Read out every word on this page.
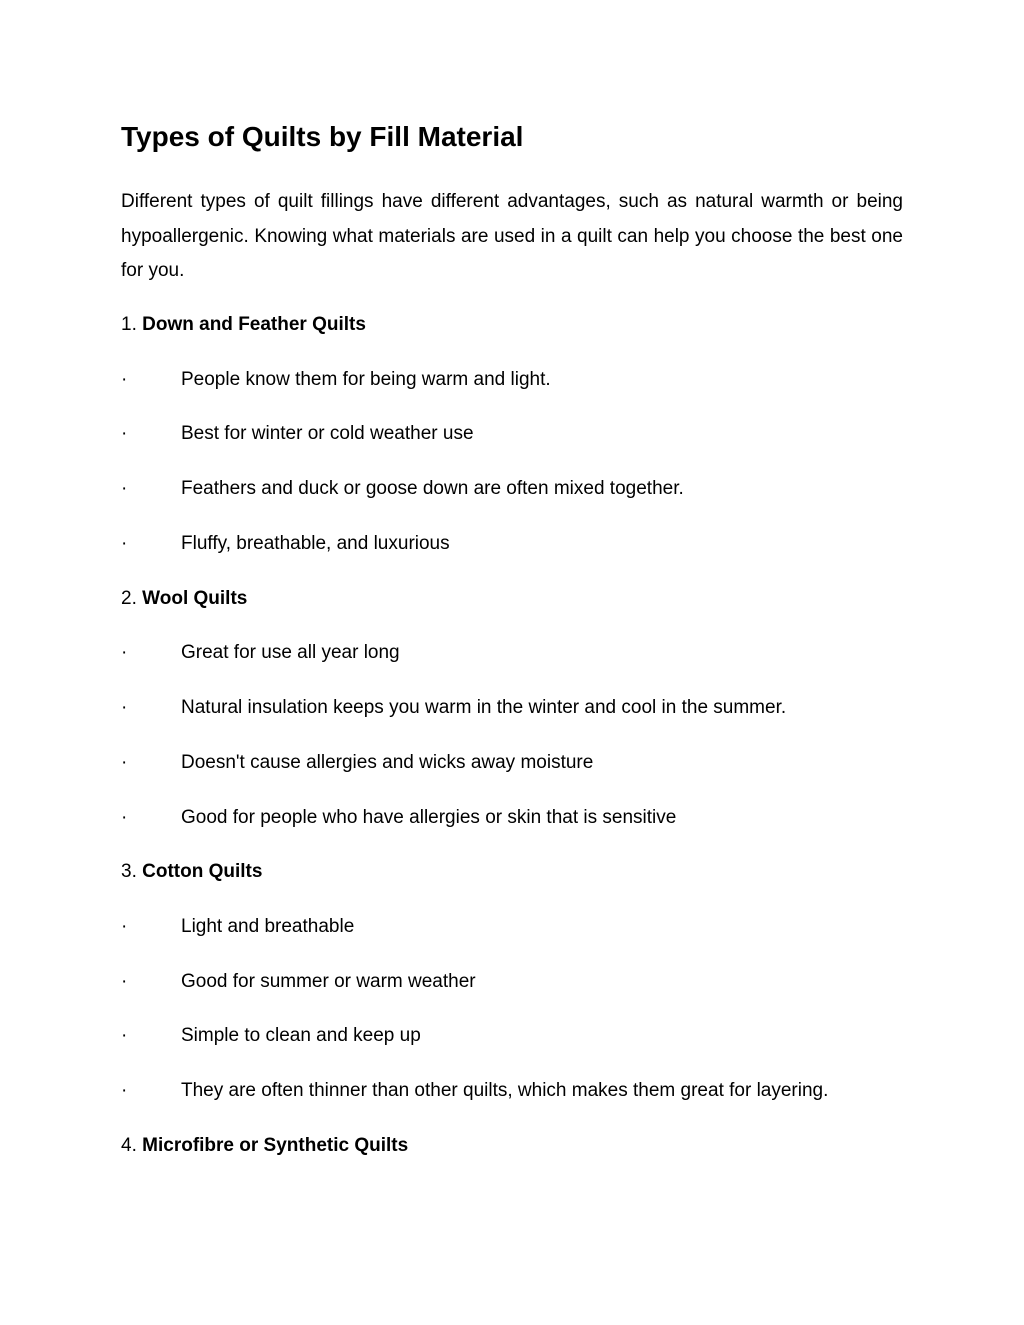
Types of Quilts by Fill Material

Different types of quilt fillings have different advantages, such as natural warmth or being hypoallergenic. Knowing what materials are used in a quilt can help you choose the best one for you.

1. Down and Feather Quilts
·	People know them for being warm and light.
·	Best for winter or cold weather use
·	Feathers and duck or goose down are often mixed together.
·	Fluffy, breathable, and luxurious
2. Wool Quilts
·	Great for use all year long
·	Natural insulation keeps you warm in the winter and cool in the summer.
·	Doesn't cause allergies and wicks away moisture
·	Good for people who have allergies or skin that is sensitive
3. Cotton Quilts
·	Light and breathable
·	Good for summer or warm weather
·	Simple to clean and keep up
·	They are often thinner than other quilts, which makes them great for layering.
4. Microfibre or Synthetic Quilts
